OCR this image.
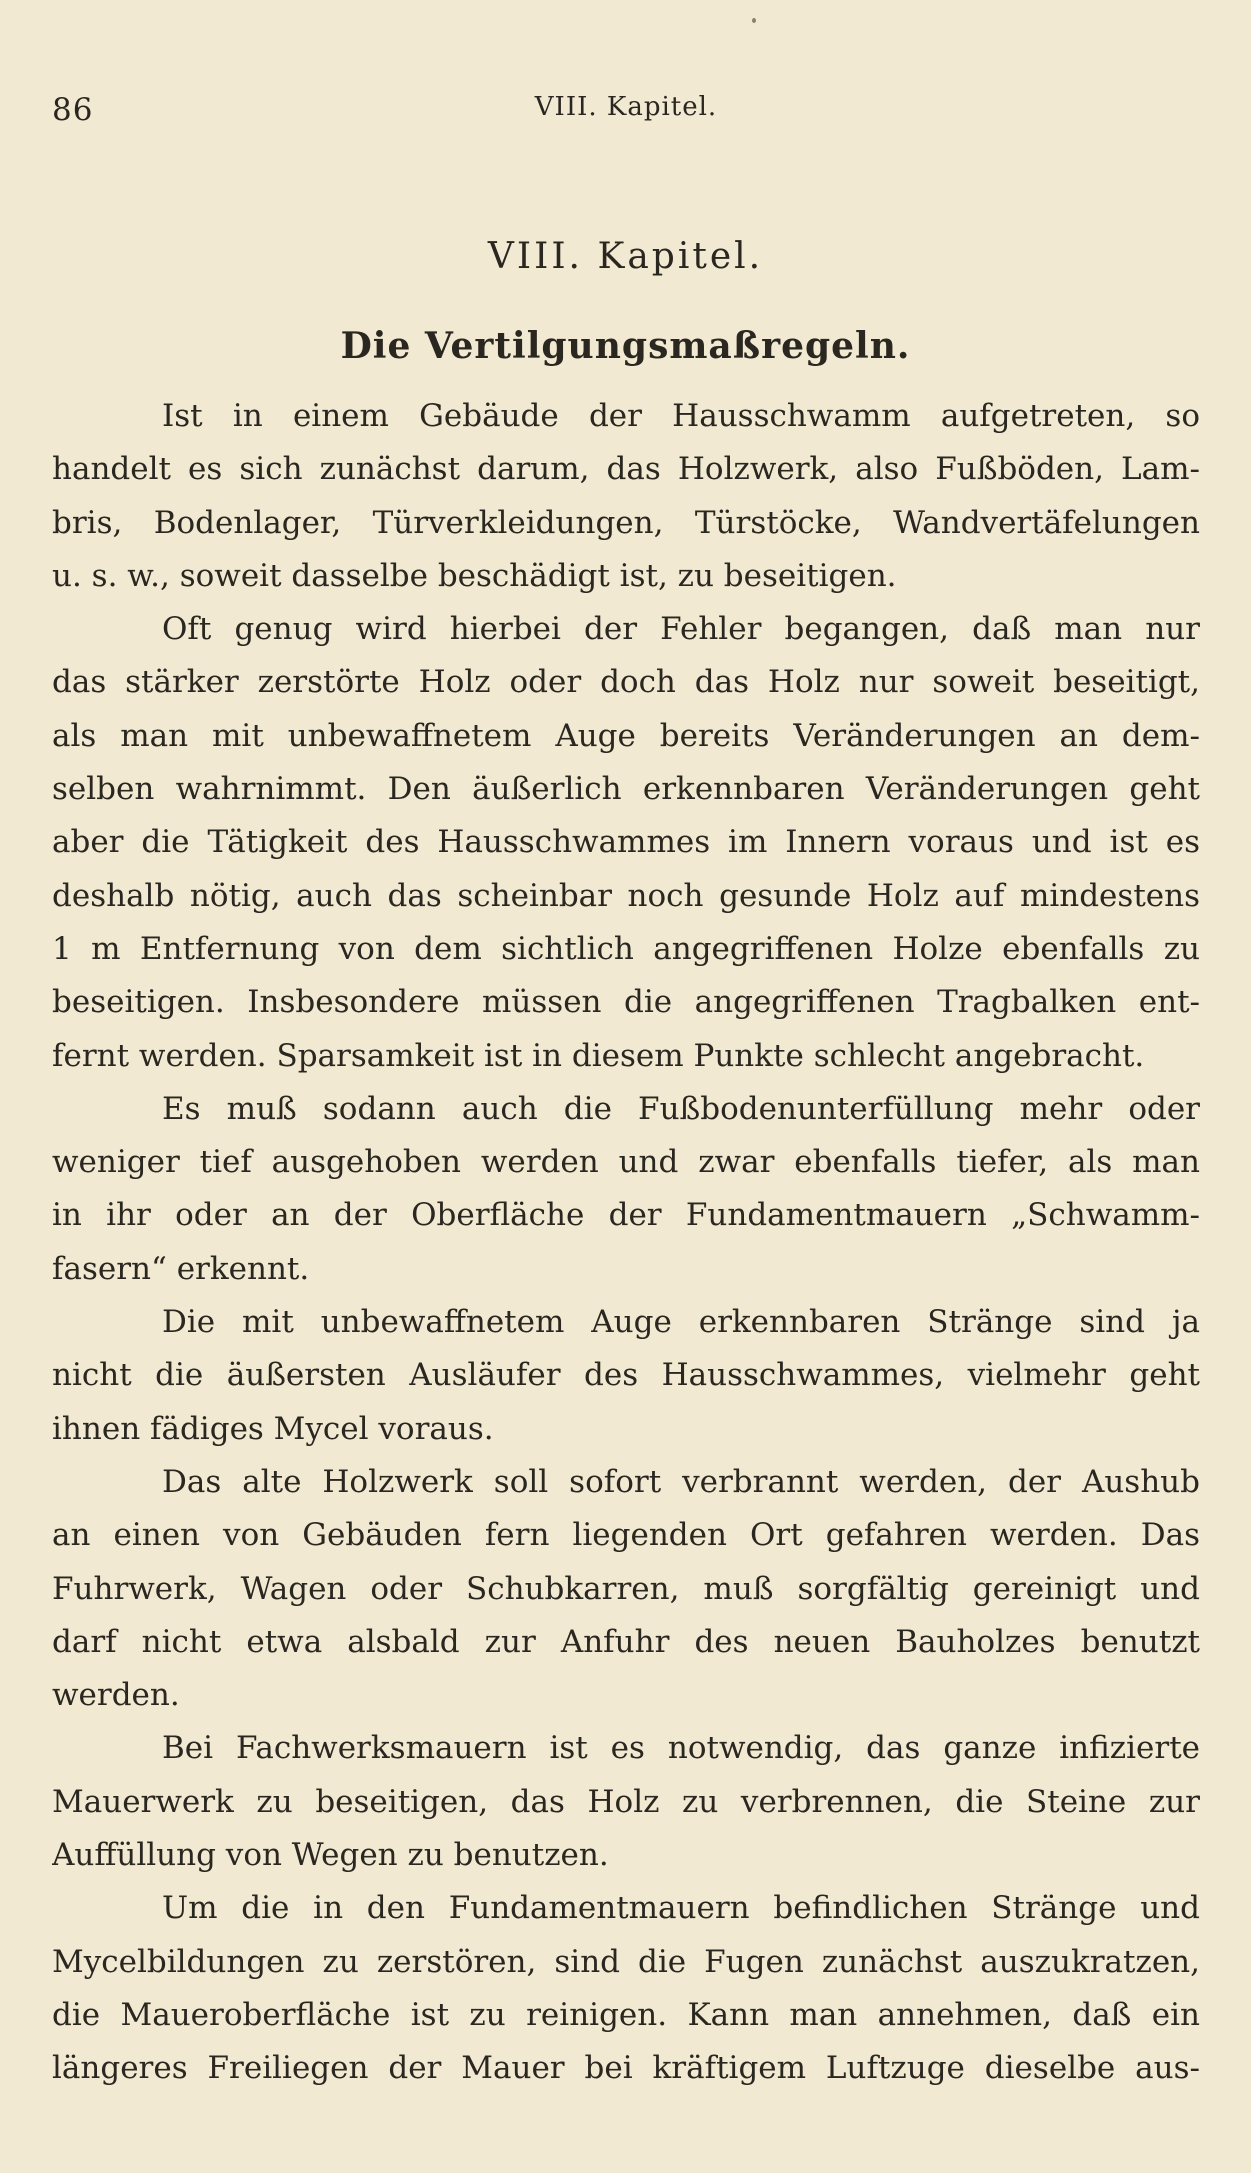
86	VIII. Kapitel.
VIII. Kapitel.
Die Vertilgungsmaßregeln.
Ist in einem Gebäude der Hausschwamm aufgetreten, so
handelt es sich zunächst darum, das Holzwerk, also Fußböden, Lam-
bris, Bodenlager, Türverkleidungen, Türstöcke, Wandvertäfelungen
u. s. w., soweit dasselbe beschädigt ist, zu beseitigen.
Oft genug wird hierbei der Fehler begangen, daß man nur
das stärker zerstörte Holz oder doch das Holz nur soweit beseitigt,
als man mit unbewaffnetem Auge bereits Veränderungen an dem-
selben wahrnimmt. Den äußerlich erkennbaren Veränderungen geht
aber die Tätigkeit des Hausschwammes im Innern voraus und ist es
deshalb nötig, auch das scheinbar noch gesunde Holz auf mindestens
1 m Entfernung von dem sichtlich angegriffenen Holze ebenfalls zu
beseitigen. Insbesondere müssen die angegriffenen Tragbalken ent-
fernt werden. Sparsamkeit ist in diesem Punkte schlecht angebracht.
Es muß sodann auch die Fußbodenunterfüllung mehr oder
weniger tief ausgehoben werden und zwar ebenfalls tiefer, als man
in ihr oder an der Oberfläche der Fundamentmauern „Schwamm-
fasern“ erkennt.
Die mit unbewaffnetem Auge erkennbaren Stränge sind ja
nicht die äußersten Ausläufer des Hausschwammes, vielmehr geht
ihnen fädiges Mycel voraus.
Das alte Holzwerk soll sofort verbrannt werden, der Aushub
an einen von Gebäuden fern liegenden Ort gefahren werden. Das
Fuhrwerk, Wagen oder Schubkarren, muß sorgfältig gereinigt und
darf nicht etwa alsbald zur Anfuhr des neuen Bauholzes benutzt
werden.
Bei Fachwerksmauern ist es notwendig, das ganze infizierte
Mauerwerk zu beseitigen, das Holz zu verbrennen, die Steine zur
Auffüllung von Wegen zu benutzen.
Um die in den Fundamentmauern befindlichen Stränge und
Mycelbildungen zu zerstören, sind die Fugen zunächst auszukratzen,
die Maueroberfläche ist zu reinigen. Kann man annehmen, daß ein
längeres Freiliegen der Mauer bei kräftigem Luftzuge dieselbe aus-
